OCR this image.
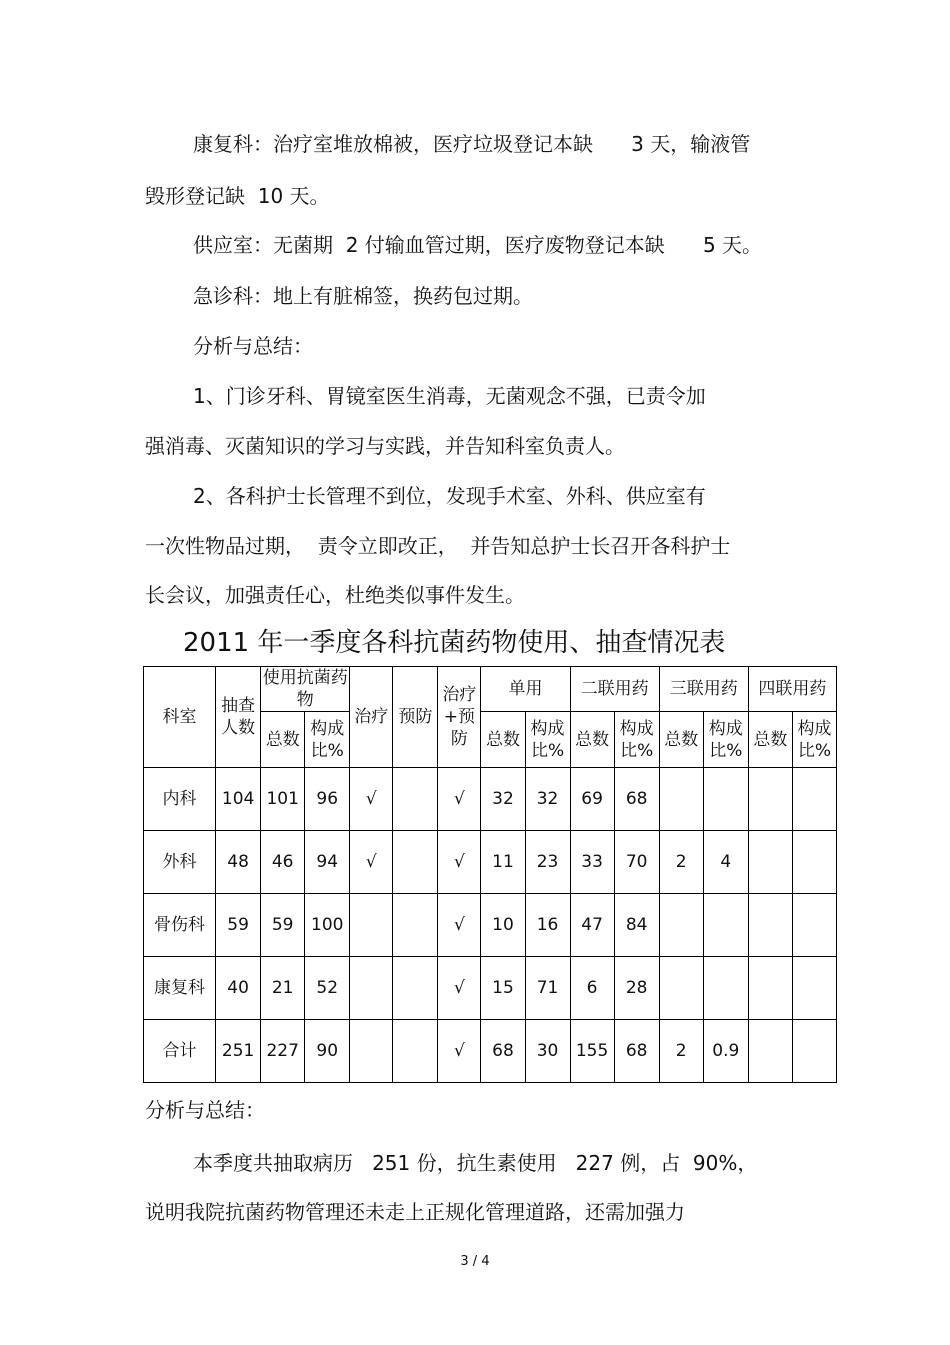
康复科：治疗室堆放棉被，医疗垃圾登记本缺      3 天，输液管
毁形登记缺  10 天。
供应室：无菌期  2 付输血管过期，医疗废物登记本缺      5 天。
急诊科：地上有脏棉签，换药包过期。
分析与总结：
1、门诊牙科、胃镜室医生消毒，无菌观念不强，已责令加
强消毒、灭菌知识的学习与实践，并告知科室负责人。
2、各科护士长管理不到位，发现手术室、外科、供应室有
一次性物品过期，  责令立即改正，  并告知总护士长召开各科护士
长会议，加强责任心，杜绝类似事件发生。
2011 年一季度各科抗菌药物使用、抽查情况表
科室	抽查人数	使用抗菌药物		治疗	预防	治疗+预防	单用		二联用药		三联用药		四联用药	
		总数	构成比%				总数	构成比%	总数	构成比%	总数	构成比%	总数	构成比%
内科	104	101	96	√		√	32	32	69	68				
外科	48	46	94	√		√	11	23	33	70	2	4		
骨伤科	59	59	100			√	10	16	47	84				
康复科	40	21	52			√	15	71	6	28				
合计	251	227	90			√	68	30	155	68	2	0.9		
分析与总结：
本季度共抽取病历   251 份，抗生素使用   227 例，占  90%，
说明我院抗菌药物管理还未走上正规化管理道路，还需加强力
3 / 4
